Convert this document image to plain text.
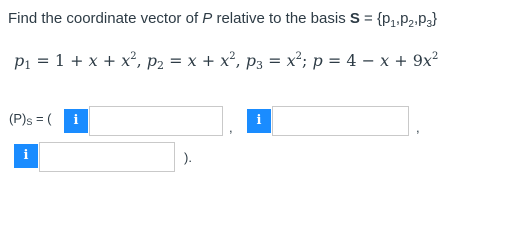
Find the coordinate vector of P relative to the basis $S = \{p_1,p_2,p_3\}$
$p_1 = 1 + x + x^2$, $p_2 = x + x^2$, $p_3 = x^2$; $p = 4 - x + 9x^2$
$(P)_S$ = (	i	,	i	,
i	).
